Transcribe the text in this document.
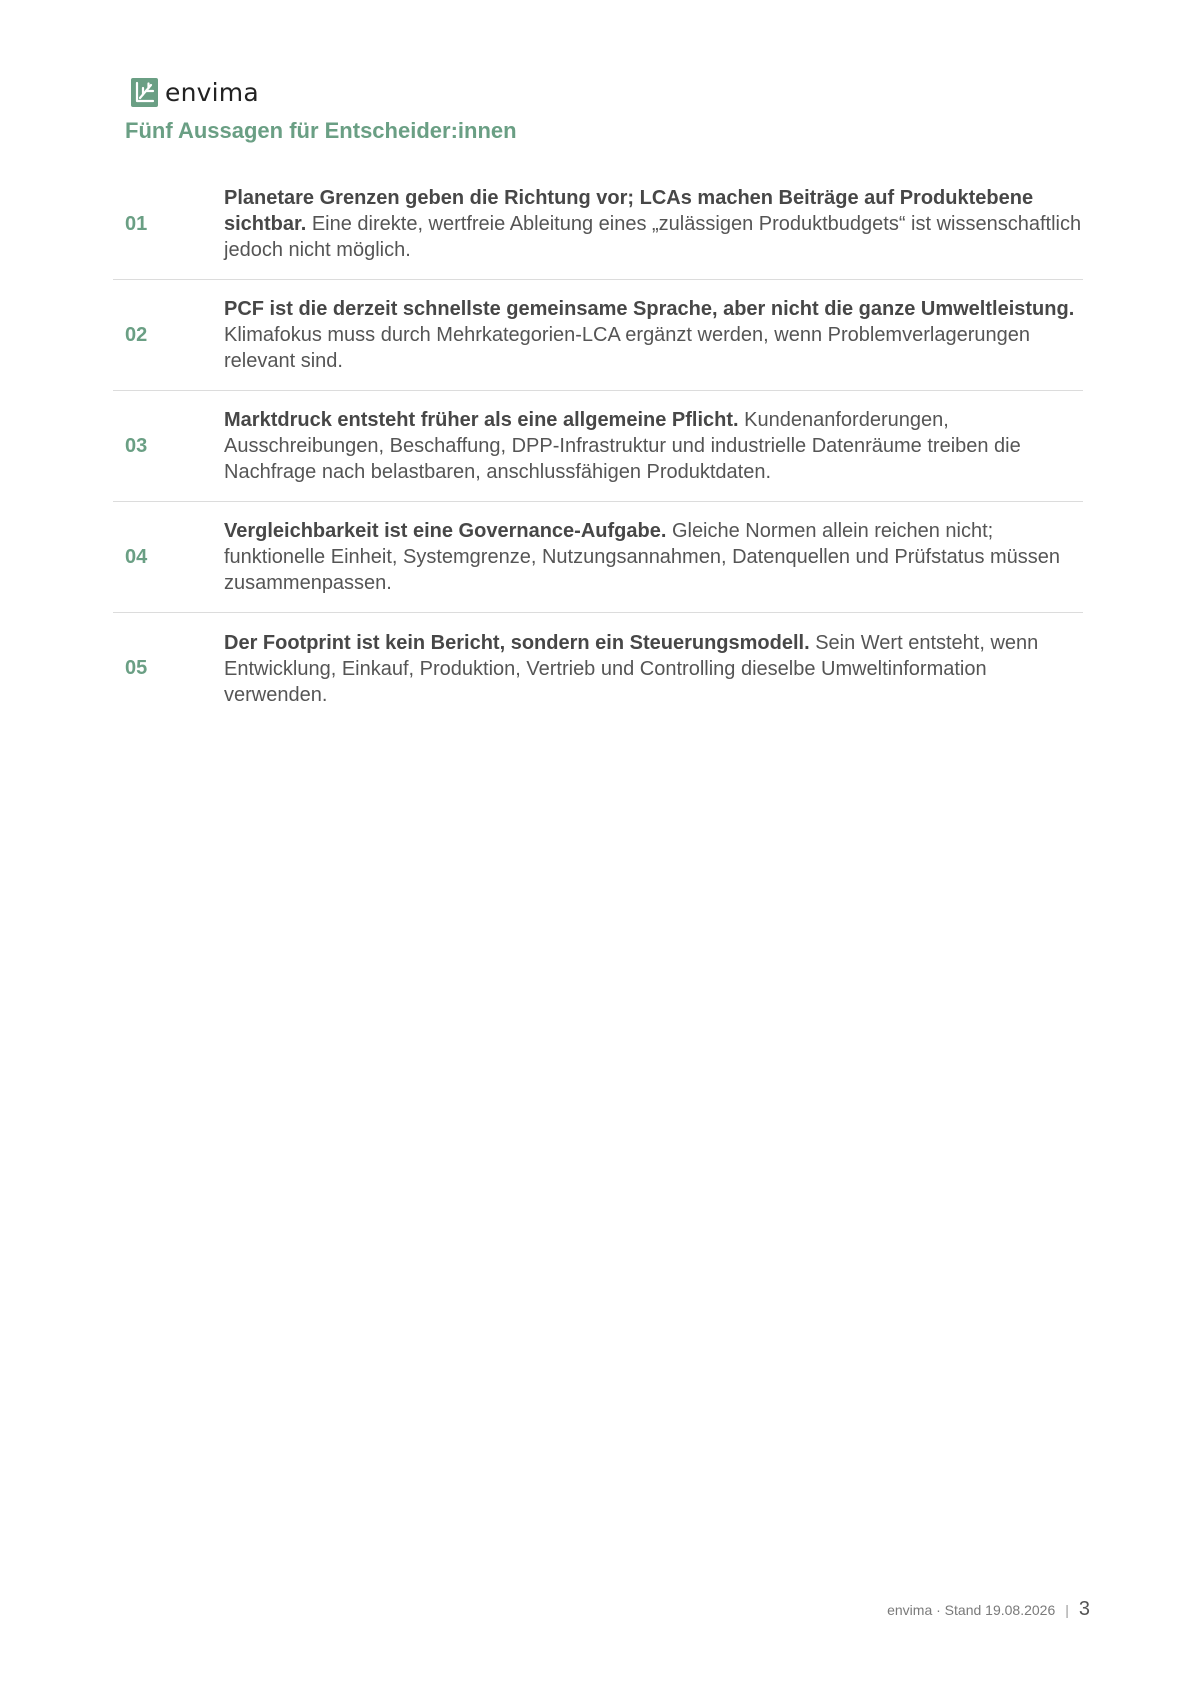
envima
Fünf Aussagen für Entscheider:innen
01

Planetare Grenzen geben die Richtung vor; LCAs machen Beiträge auf Produktebene sichtbar. Eine direkte, wertfreie Ableitung eines „zulässigen Produktbudgets“ ist wissenschaftlich jedoch nicht möglich.

02

PCF ist die derzeit schnellste gemeinsame Sprache, aber nicht die ganze Umweltleistung. Klimafokus muss durch Mehrkategorien-LCA ergänzt werden, wenn Problemverlagerungen relevant sind.

03

Marktdruck entsteht früher als eine allgemeine Pflicht. Kundenanforderungen, Ausschreibungen, Beschaffung, DPP-Infrastruktur und industrielle Datenräume treiben die Nachfrage nach belastbaren, anschlussfähigen Produktdaten.

04

Vergleichbarkeit ist eine Governance-Aufgabe. Gleiche Normen allein reichen nicht; funktionelle Einheit, Systemgrenze, Nutzungsannahmen, Datenquellen und Prüfstatus müssen zusammenpassen.

05

Der Footprint ist kein Bericht, sondern ein Steuerungsmodell. Sein Wert entsteht, wenn Entwicklung, Einkauf, Produktion, Vertrieb und Controlling dieselbe Umweltinformation verwenden.

envima · Stand 19.08.2026 | 3
